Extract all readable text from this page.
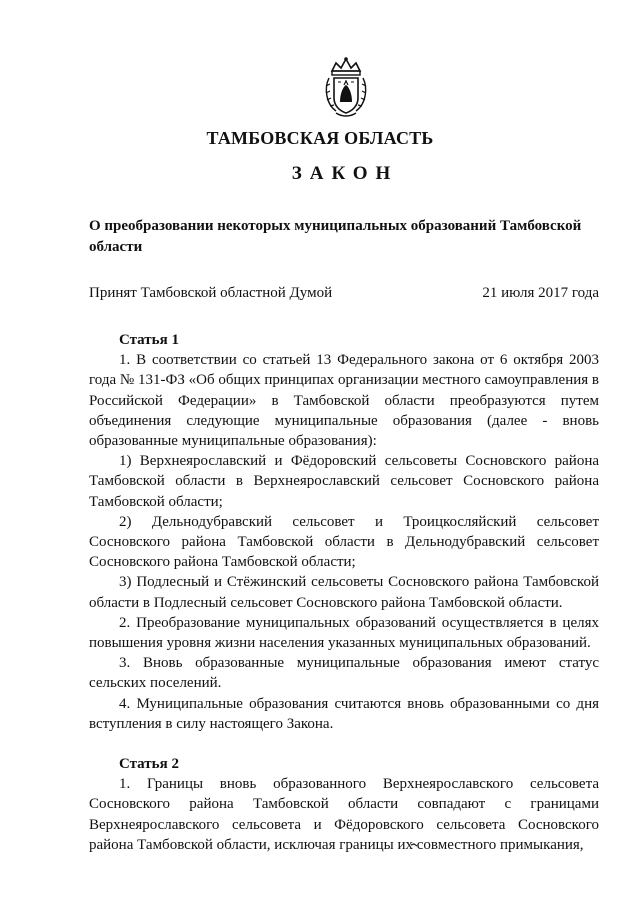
ТАМБОВСКАЯ ОБЛАСТЬ
ЗАКОН
О преобразовании некоторых муниципальных образований Тамбовской области
Принят Тамбовской областной Думой	21 июля 2017 года
Статья 1

1. В соответствии со статьей 13 Федерального закона от 6 октября 2003 года № 131-ФЗ «Об общих принципах организации местного самоуправления в Российской Федерации» в Тамбовской области преобразуются путем объединения следующие муниципальные образования (далее - вновь образованные муниципальные образования):

1) Верхнеярославский и Фёдоровский сельсоветы Сосновского района Тамбовской области в Верхнеярославский сельсовет Сосновского района Тамбовской области;

2) Дельнодубравский сельсовет и Троицкосляйский сельсовет Сосновского района Тамбовской области в Дельнодубравский сельсовет Сосновского района Тамбовской области;

3) Подлесный и Стёжинский сельсоветы Сосновского района Тамбовской области в Подлесный сельсовет Сосновского района Тамбовской области.

2. Преобразование муниципальных образований осуществляется в целях повышения уровня жизни населения указанных муниципальных образований.

3. Вновь образованные муниципальные образования имеют статус сельских поселений.

4. Муниципальные образования считаются вновь образованными со дня вступления в силу настоящего Закона.

Статья 2

1. Границы вновь образованного Верхнеярославского сельсовета Сосновского района Тамбовской области совпадают с границами Верхнеярославского сельсовета и Фёдоровского сельсовета Сосновского района Тамбовской области, исключая границы их совместного примыкания,
